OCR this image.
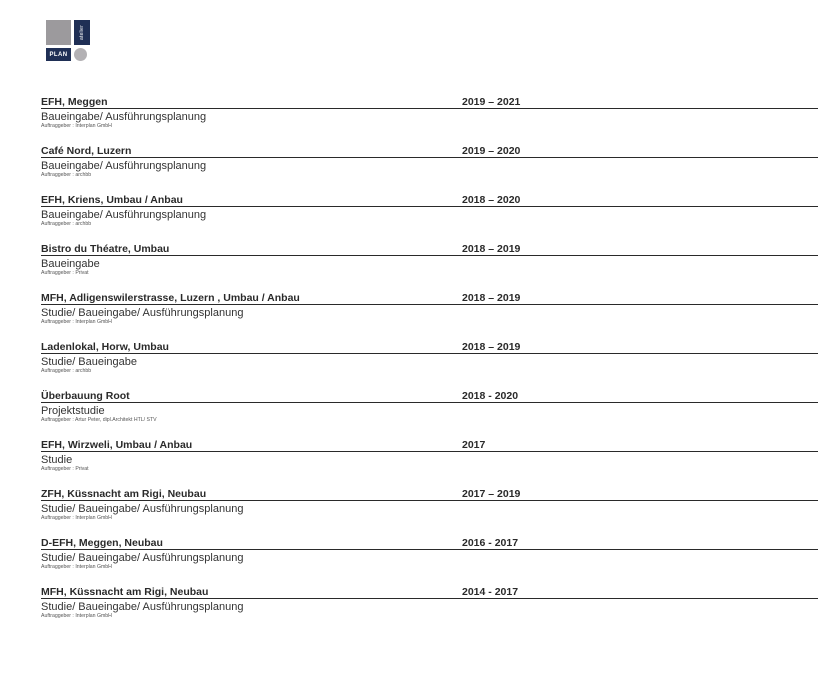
atelier
PLAN
EFH, Meggen	2019 – 2021
Baueingabe/ Ausführungsplanung
Auftraggeber : Interplan GmbH
Café Nord, Luzern	2019 – 2020
Baueingabe/ Ausführungsplanung
Auftraggeber : archbb
EFH, Kriens, Umbau / Anbau	2018 – 2020
Baueingabe/ Ausführungsplanung
Auftraggeber : archbb
Bistro du Théatre, Umbau	2018 – 2019
Baueingabe
Auftraggeber : Privat
MFH, Adligenswilerstrasse, Luzern , Umbau / Anbau	2018 – 2019
Studie/ Baueingabe/ Ausführungsplanung
Auftraggeber : Interplan GmbH
Ladenlokal, Horw, Umbau	2018 – 2019
Studie/ Baueingabe
Auftraggeber : archbb
Überbauung Root	2018 - 2020
Projektstudie
Auftraggeber : Artur Peter, dipl.Architekt HTL/ STV
EFH, Wirzweli, Umbau / Anbau	2017
Studie
Auftraggeber : Privat
ZFH, Küssnacht am Rigi, Neubau	2017 – 2019
Studie/ Baueingabe/ Ausführungsplanung
Auftraggeber : Interplan GmbH
D-EFH, Meggen, Neubau	2016 - 2017
Studie/ Baueingabe/ Ausführungsplanung
Auftraggeber : Interplan GmbH
MFH, Küssnacht am Rigi, Neubau	2014 - 2017
Studie/ Baueingabe/ Ausführungsplanung
Auftraggeber : Interplan GmbH
